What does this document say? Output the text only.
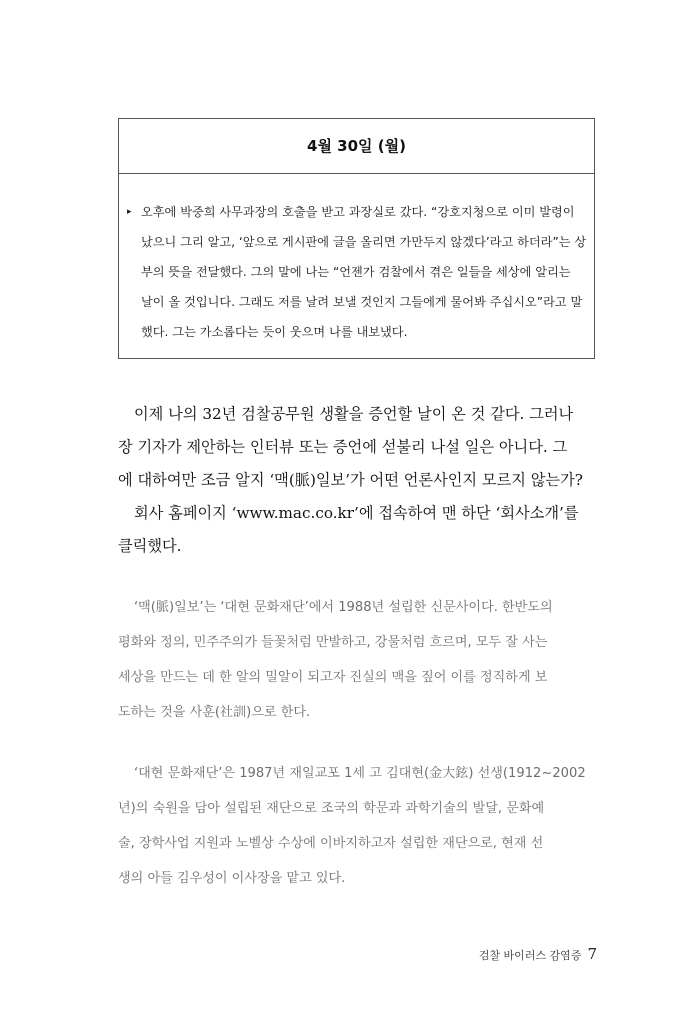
4월 30일 (월)
▸ 오후에 박중희 사무과장의 호출을 받고 과장실로 갔다. “강호지청으로 이미 발령이
났으니 그리 알고, ‘앞으로 게시판에 글을 올리면 가만두지 않겠다’라고 하더라”는 상
부의 뜻을 전달했다. 그의 말에 나는 “언젠가 검찰에서 겪은 일들을 세상에 알리는
날이 올 것입니다. 그래도 저를 날려 보낼 것인지 그들에게 물어봐 주십시오”라고 말
했다. 그는 가소롭다는 듯이 웃으며 나를 내보냈다.
이제 나의 32년 검찰공무원 생활을 증언할 날이 온 것 같다. 그러나
장 기자가 제안하는 인터뷰 또는 증언에 섣불리 나설 일은 아니다. 그
에 대하여만 조금 알지 ‘맥(脈)일보’가 어떤 언론사인지 모르지 않는가?
회사 홈페이지 ‘www.mac.co.kr’에 접속하여 맨 하단 ‘회사소개’를
클릭했다.
‘맥(脈)일보’는 ‘대현 문화재단’에서 1988년 설립한 신문사이다. 한반도의
평화와 정의, 민주주의가 들꽃처럼 만발하고, 강물처럼 흐르며, 모두 잘 사는
세상을 만드는 데 한 알의 밀알이 되고자 진실의 맥을 짚어 이를 정직하게 보
도하는 것을 사훈(社訓)으로 한다.
‘대현 문화재단’은 1987년 재일교포 1세 고 김대현(金大鉉) 선생(1912~2002
년)의 숙원을 담아 설립된 재단으로 조국의 학문과 과학기술의 발달, 문화예
술, 장학사업 지원과 노벨상 수상에 이바지하고자 설립한 재단으로, 현재 선
생의 아들 김우성이 이사장을 맡고 있다.
검찰 바이러스 감염증 7
